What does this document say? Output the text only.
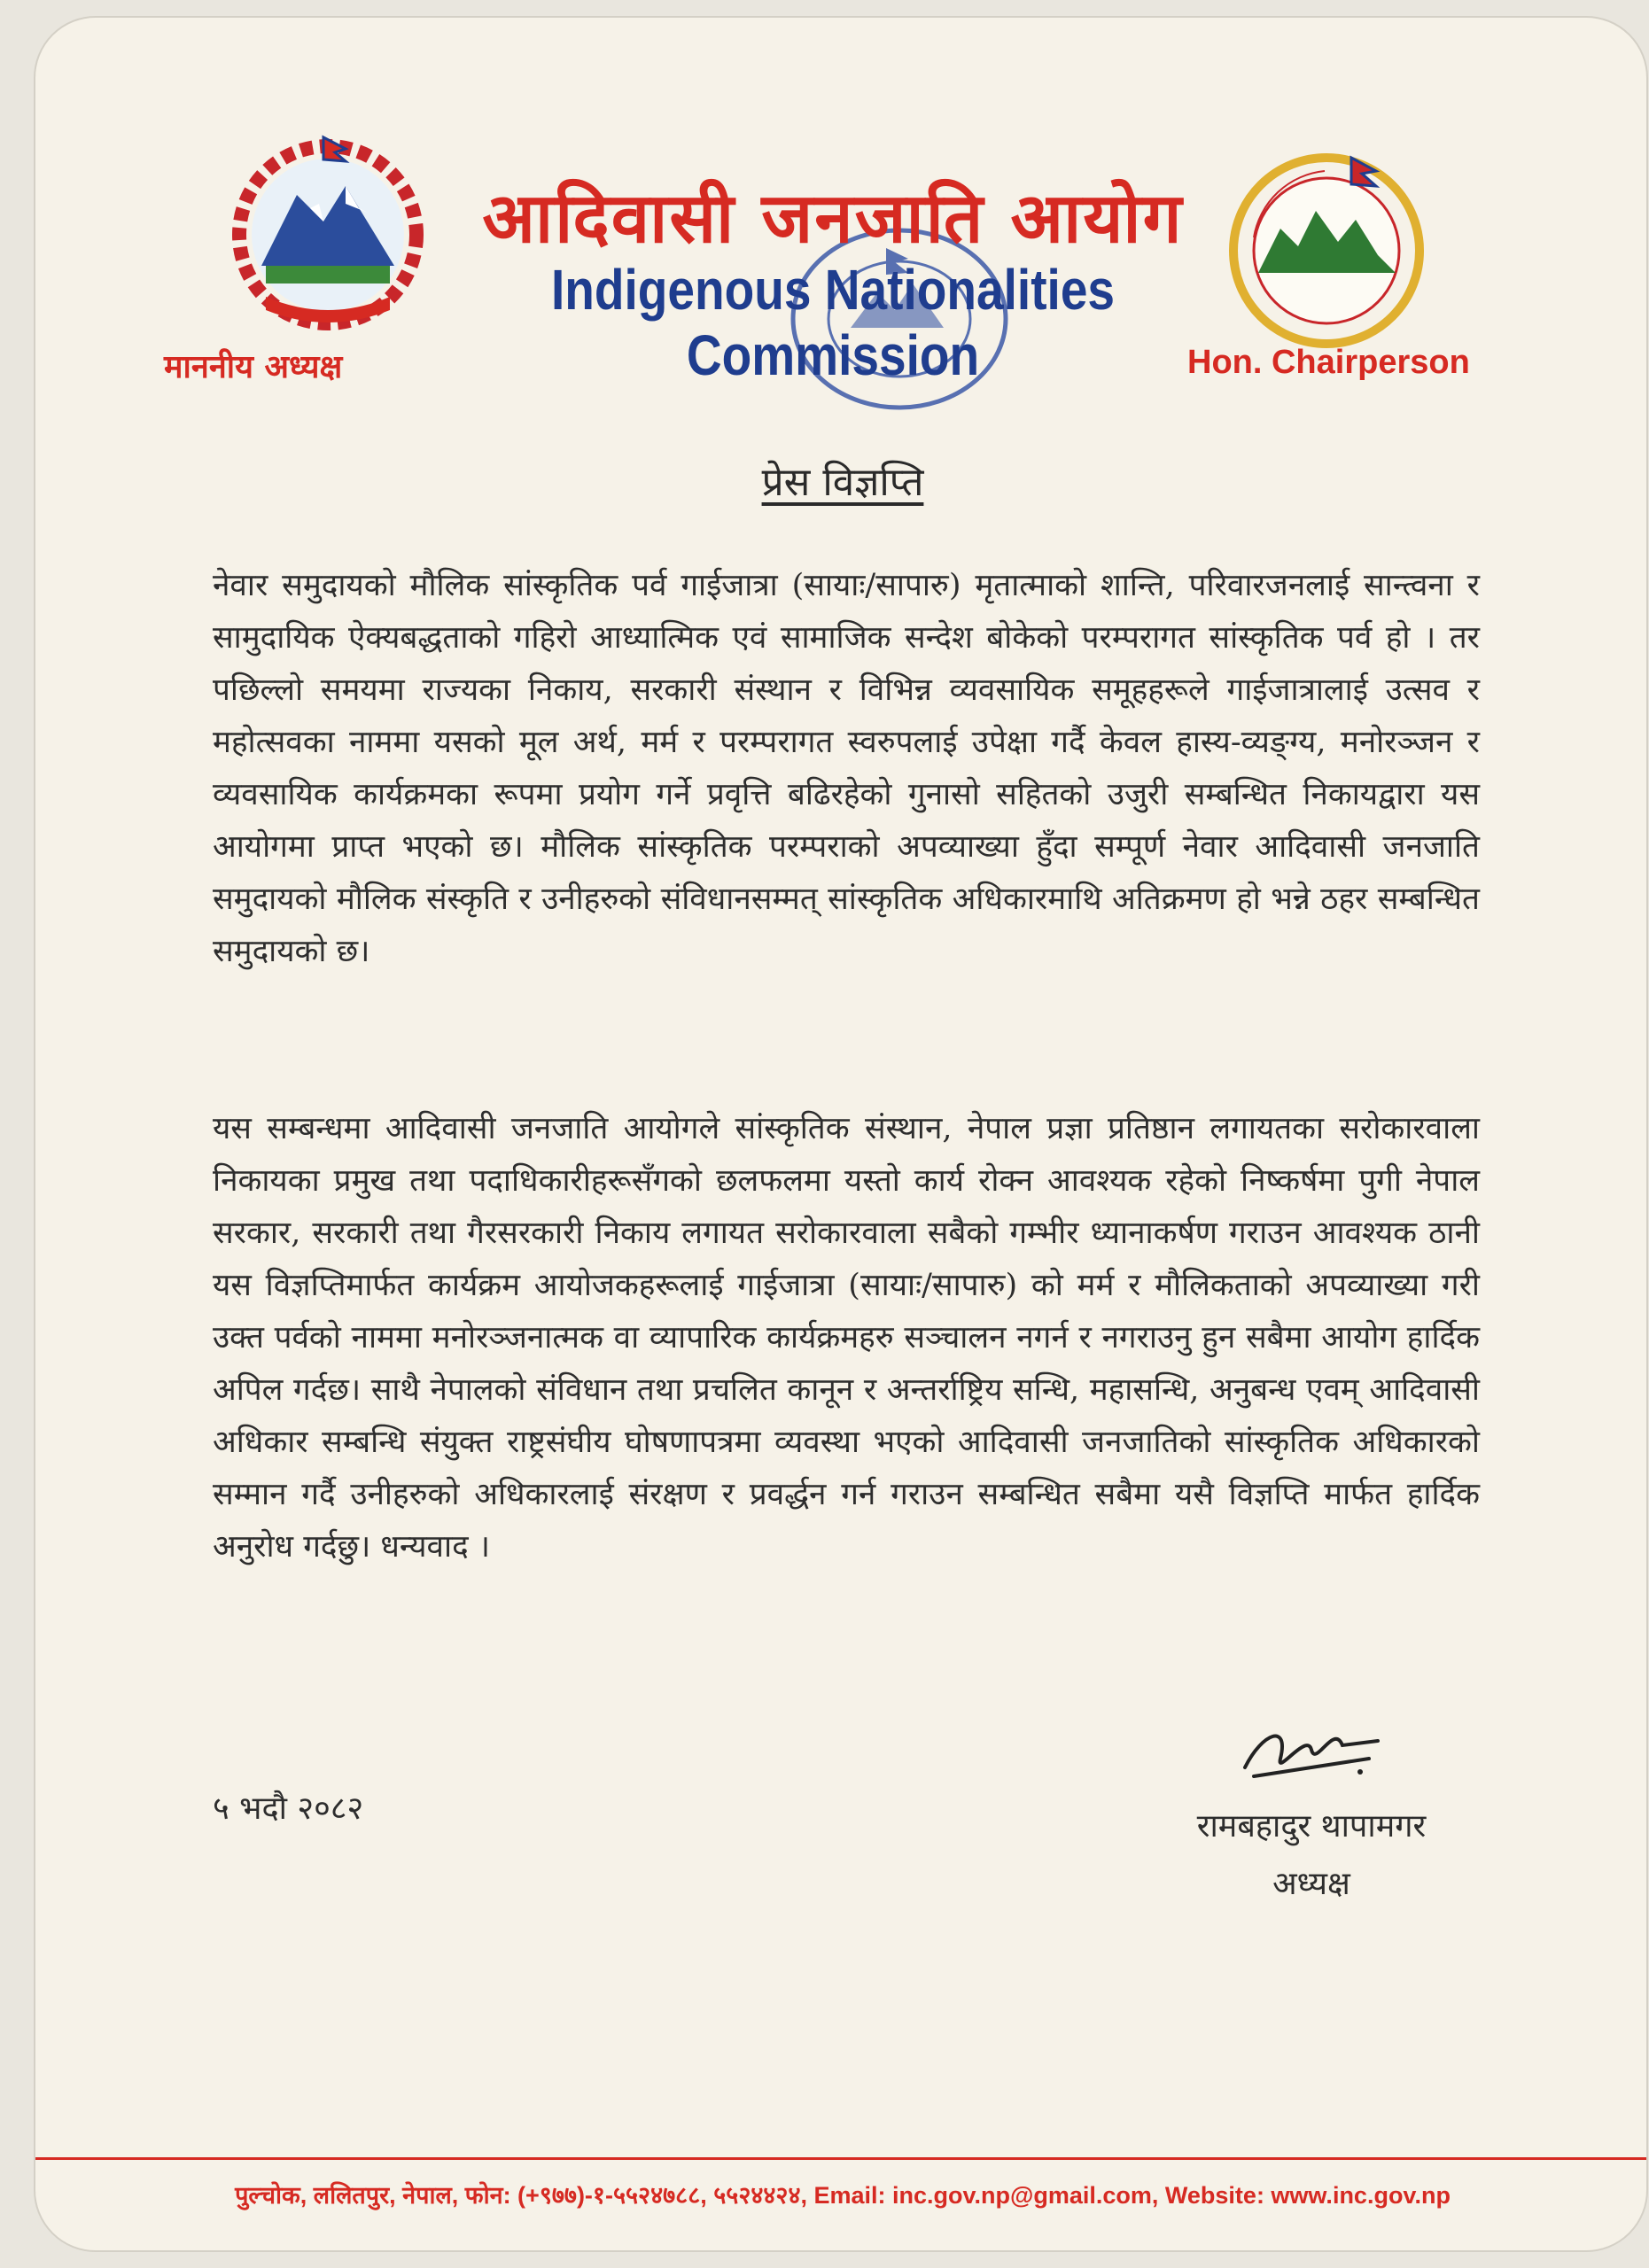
आदिवासी जनजाति आयोग
Indigenous Nationalities Commission
माननीय अध्यक्ष	Hon. Chairperson
प्रेस विज्ञप्ति

नेवार समुदायको मौलिक सांस्कृतिक पर्व गाईजात्रा (सायाः/सापारु) मृतात्माको शान्ति, परिवारजनलाई सान्त्वना र सामुदायिक ऐक्यबद्धताको गहिरो आध्यात्मिक एवं सामाजिक सन्देश बोकेको परम्परागत सांस्कृतिक पर्व हो । तर पछिल्लो समयमा राज्यका निकाय, सरकारी संस्थान र विभिन्न व्यवसायिक समूहहरूले गाईजात्रालाई उत्सव र महोत्सवका नाममा यसको मूल अर्थ, मर्म र परम्परागत स्वरुपलाई उपेक्षा गर्दै केवल हास्य-व्यङ्ग्य, मनोरञ्जन र व्यवसायिक कार्यक्रमका रूपमा प्रयोग गर्ने प्रवृत्ति बढिरहेको गुनासो सहितको उजुरी सम्बन्धित निकायद्वारा यस आयोगमा प्राप्त भएको छ। मौलिक सांस्कृतिक परम्पराको अपव्याख्या हुँदा सम्पूर्ण नेवार आदिवासी जनजाति समुदायको मौलिक संस्कृति र उनीहरुको संविधानसम्मत् सांस्कृतिक अधिकारमाथि अतिक्रमण हो भन्ने ठहर सम्बन्धित समुदायको छ।

यस सम्बन्धमा आदिवासी जनजाति आयोगले सांस्कृतिक संस्थान, नेपाल प्रज्ञा प्रतिष्ठान लगायतका सरोकारवाला निकायका प्रमुख तथा पदाधिकारीहरूसँगको छलफलमा यस्तो कार्य रोक्न आवश्यक रहेको निष्कर्षमा पुगी नेपाल सरकार, सरकारी तथा गैरसरकारी निकाय लगायत सरोकारवाला सबैको गम्भीर ध्यानाकर्षण गराउन आवश्यक ठानी यस विज्ञप्तिमार्फत कार्यक्रम आयोजकहरूलाई गाईजात्रा (सायाः/सापारु) को मर्म र मौलिकताको अपव्याख्या गरी उक्त पर्वको नाममा मनोरञ्जनात्मक वा व्यापारिक कार्यक्रमहरु सञ्चालन नगर्न र नगराउनु हुन सबैमा आयोग हार्दिक अपिल गर्दछ। साथै नेपालको संविधान तथा प्रचलित कानून र अन्तर्राष्ट्रिय सन्धि, महासन्धि, अनुबन्ध एवम् आदिवासी अधिकार सम्बन्धि संयुक्त राष्ट्रसंघीय घोषणापत्रमा व्यवस्था भएको आदिवासी जनजातिको सांस्कृतिक अधिकारको सम्मान गर्दै उनीहरुको अधिकारलाई संरक्षण र प्रवर्द्धन गर्न गराउन सम्बन्धित सबैमा यसै विज्ञप्ति मार्फत हार्दिक अनुरोध गर्दछु। धन्यवाद ।

५ भदौ २०८२	रामबहादुर थापामगर
अध्यक्ष
पुल्चोक, ललितपुर, नेपाल, फोन: (+९७७)-१-५५२४७८८, ५५२४४२४, Email: inc.gov.np@gmail.com, Website: www.inc.gov.np
